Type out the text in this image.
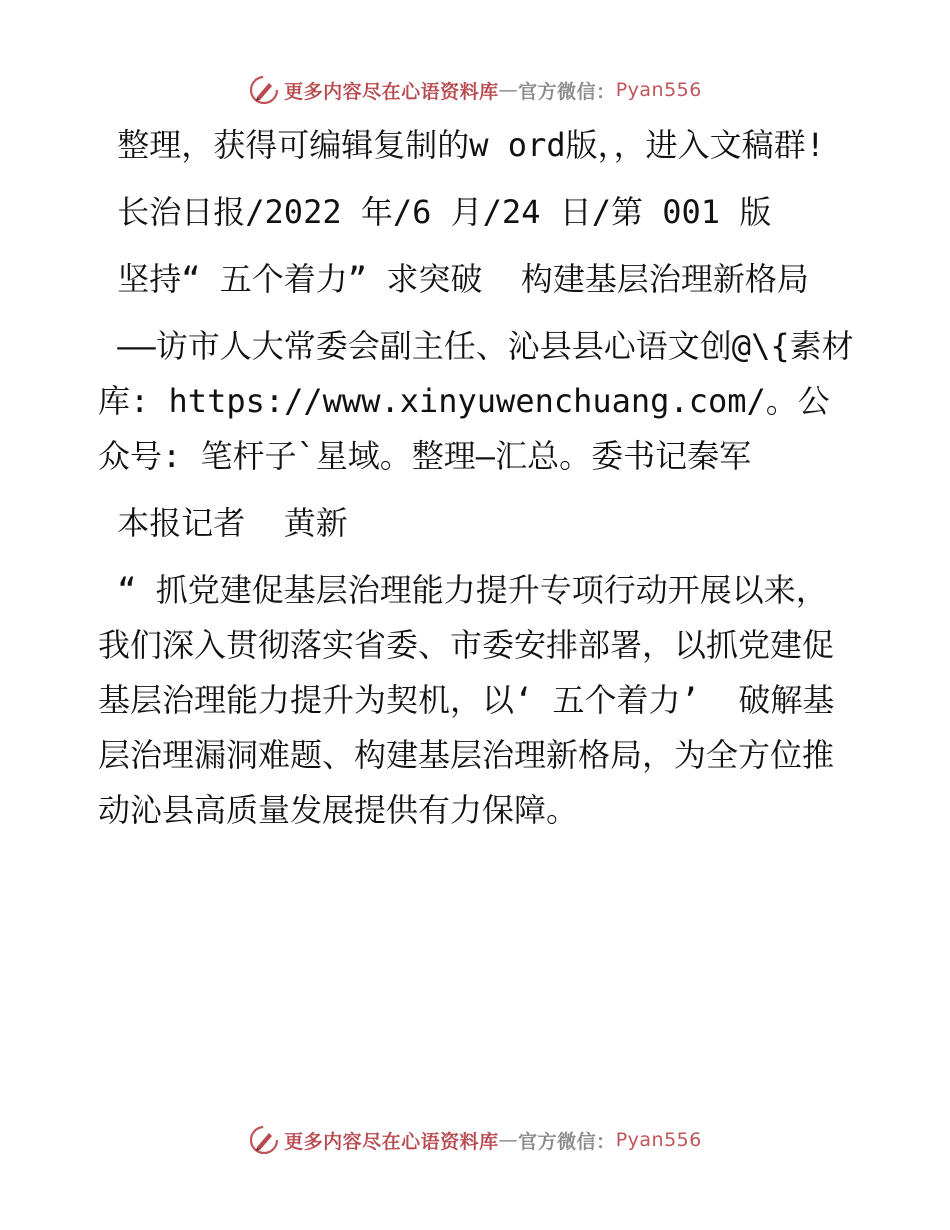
更多内容尽在心语资料库 — 官方微信： Pyan556

整理，获得可编辑复制的w ord版，，进入文稿群!

长治日报/2022 年/6 月/24 日/第 001 版

坚持“ 五个着力” 求突破  构建基层治理新格局

——访市人大常委会副主任、沁县县心语文创@\{素材库: https://www.xinyuwenchuang.com/。公众号: 笔杆子`星域。整理—汇总。委书记秦军

本报记者  黄新

“ 抓党建促基层治理能力提升专项行动开展以来，我们深入贯彻落实省委、市委安排部署，以抓党建促基层治理能力提升为契机，以‘ 五个着力’  破解基层治理漏洞难题、构建基层治理新格局，为全方位推动沁县高质量发展提供有力保障。

更多内容尽在心语资料库 — 官方微信： Pyan556
